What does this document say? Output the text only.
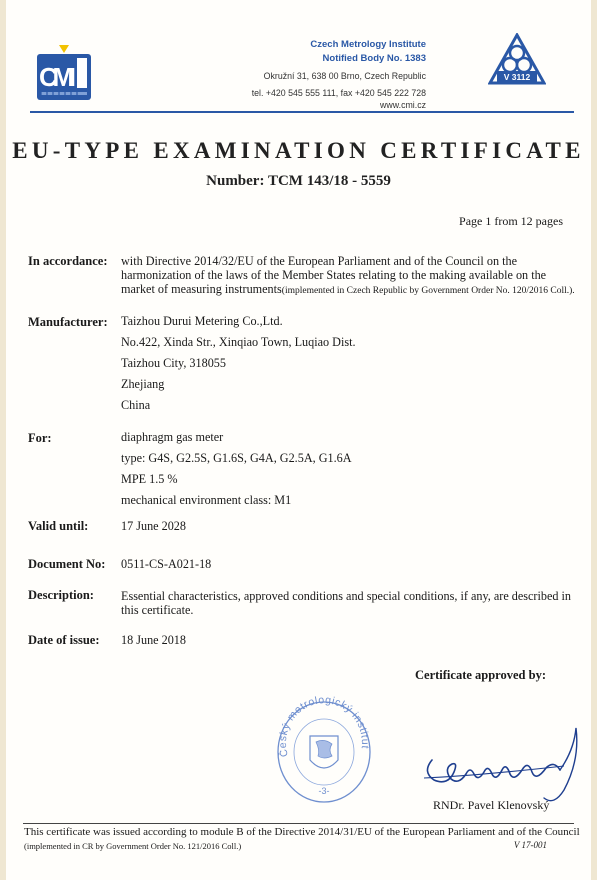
CMI
Czech Metrology Institute
Notified Body No. 1383
Okružní 31, 638 00 Brno, Czech Republic
tel. +420 545 555 111, fax +420 545 222 728
www.cmi.cz
V 3112
EU-TYPE EXAMINATION CERTIFICATE
Number: TCM 143/18 - 5559
Page 1 from 12 pages
In accordance: with Directive 2014/32/EU of the European Parliament and of the Council on the harmonization of the laws of the Member States relating to the making available on the market of measuring instruments(implemented in Czech Republic by Government Order No. 120/2016 Coll.).
Manufacturer: Taizhou Durui Metering Co.,Ltd.
No.422, Xinda Str., Xinqiao Town, Luqiao Dist.
Taizhou City, 318055
Zhejiang
China
For:	diaphragm gas meter
type: G4S, G2.5S, G1.6S, G4A, G2.5A, G1.6A
MPE 1.5 %
mechanical environment class: M1
Valid until:	17 June 2028
Document No: 0511-CS-A021-18
Description: Essential characteristics, approved conditions and special conditions, if any, are described in this certificate.
Date of issue: 18 June 2018
Certificate approved by:
Český metrologický institut
-3-
RNDr. Pavel Klenovský
This certificate was issued according to module B of the Directive 2014/31/EU of the European Parliament and of the Council
(implemented in CR by Government Order No. 121/2016 Coll.)	V 17-001
